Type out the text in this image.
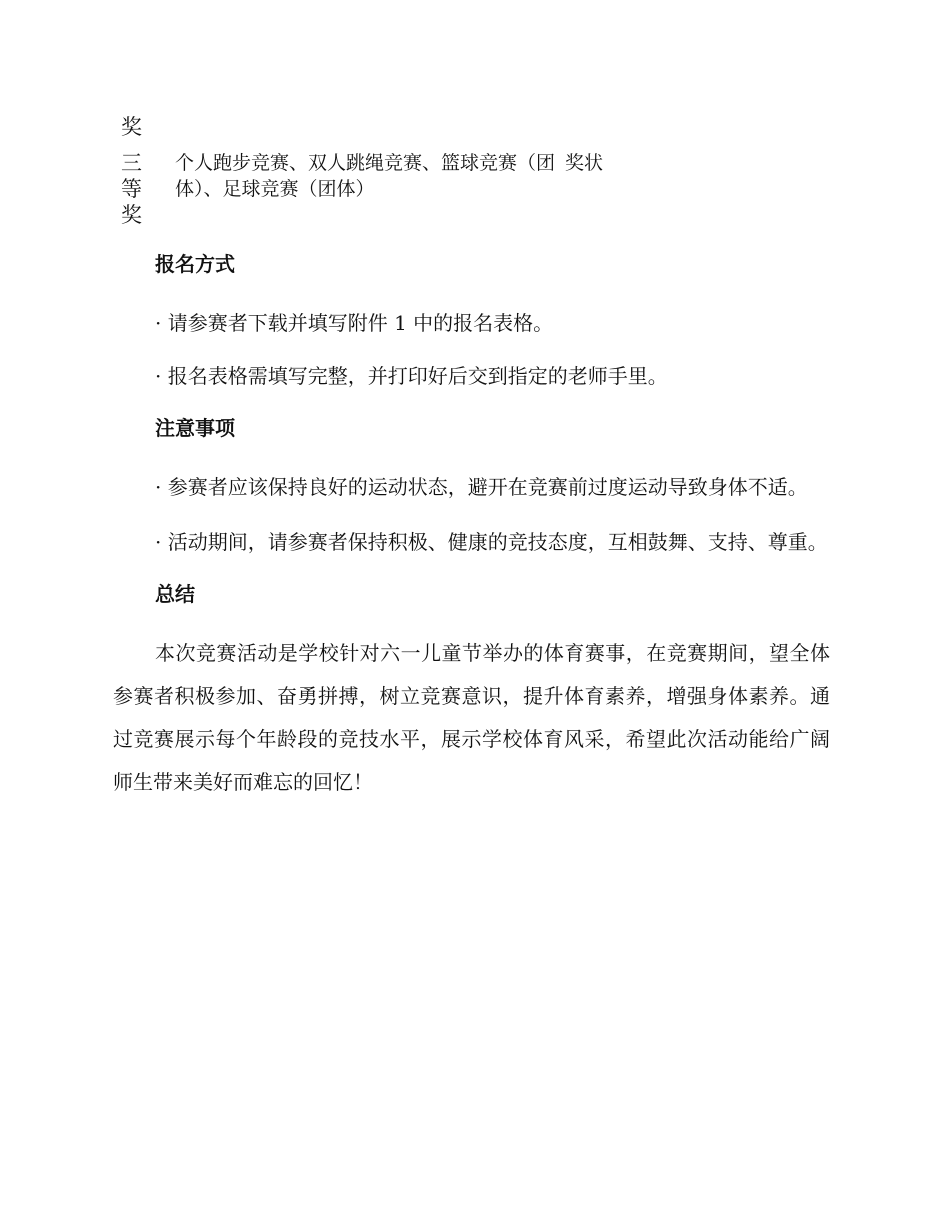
奖
三
等
奖
个人跑步竞赛、双人跳绳竞赛、篮球竞赛（团体）、足球竞赛（团体）
奖状
报名方式

· 请参赛者下载并填写附件 1 中的报名表格。

· 报名表格需填写完整，并打印好后交到指定的老师手里。

注意事项

· 参赛者应该保持良好的运动状态，避开在竞赛前过度运动导致身体不适。

· 活动期间，请参赛者保持积极、健康的竞技态度，互相鼓舞、支持、尊重。

总结

本次竞赛活动是学校针对六一儿童节举办的体育赛事，在竞赛期间，望全体参赛者积极参加、奋勇拼搏，树立竞赛意识，提升体育素养，增强身体素养。通过竞赛展示每个年龄段的竞技水平，展示学校体育风采，希望此次活动能给广阔师生带来美好而难忘的回忆！
